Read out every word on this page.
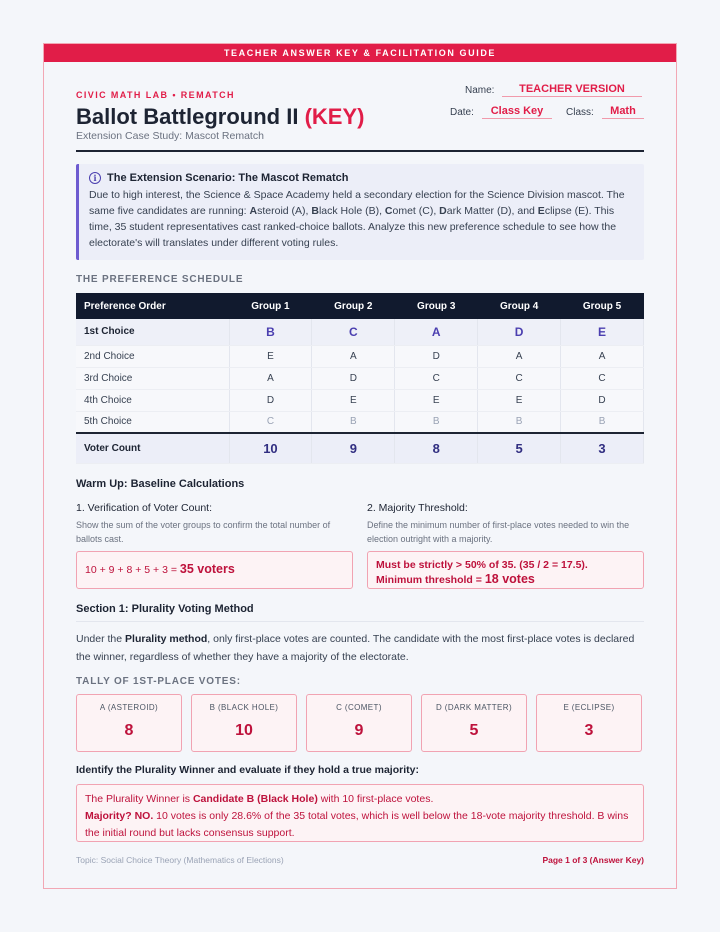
TEACHER ANSWER KEY & FACILITATION GUIDE
CIVIC MATH LAB • REMATCH
Ballot Battleground II (KEY)
Extension Case Study: Mascot Rematch
Name:	TEACHER VERSION
Date:	Class Key	Class:	Math
i The Extension Scenario: The Mascot Rematch

Due to high interest, the Science & Space Academy held a secondary election for the Science Division mascot. The same five candidates are running: Asteroid (A), Black Hole (B), Comet (C), Dark Matter (D), and Eclipse (E). This time, 35 student representatives cast ranked-choice ballots. Analyze this new preference schedule to see how the electorate's will translates under different voting rules.

THE PREFERENCE SCHEDULE
Preference Order	Group 1	Group 2	Group 3	Group 4	Group 5
1st Choice	B	C	A	D	E
2nd Choice	E	A	D	A	A
3rd Choice	A	D	C	C	C
4th Choice	D	E	E	E	D
5th Choice	C	B	B	B	B
Voter Count	10	9	8	5	3
Warm Up: Baseline Calculations
1. Verification of Voter Count:
Show the sum of the voter groups to confirm the total number of ballots cast.
10 + 9 + 8 + 5 + 3 = 35 voters
2. Majority Threshold:
Define the minimum number of first-place votes needed to win the election outright with a majority.
Must be strictly > 50% of 35. (35 / 2 = 17.5).
Minimum threshold = 18 votes
Section 1: Plurality Voting Method
Under the Plurality method, only first-place votes are counted. The candidate with the most first-place votes is declared the winner, regardless of whether they have a majority of the electorate.
TALLY OF 1ST-PLACE VOTES:
A (ASTEROID)
8
B (BLACK HOLE)
10
C (COMET)
9
D (DARK MATTER)
5
E (ECLIPSE)
3
Identify the Plurality Winner and evaluate if they hold a true majority:
The Plurality Winner is Candidate B (Black Hole) with 10 first-place votes.
Majority? NO. 10 votes is only 28.6% of the 35 total votes, which is well below the 18-vote majority threshold. B wins the initial round but lacks consensus support.
Topic: Social Choice Theory (Mathematics of Elections)	Page 1 of 3 (Answer Key)
